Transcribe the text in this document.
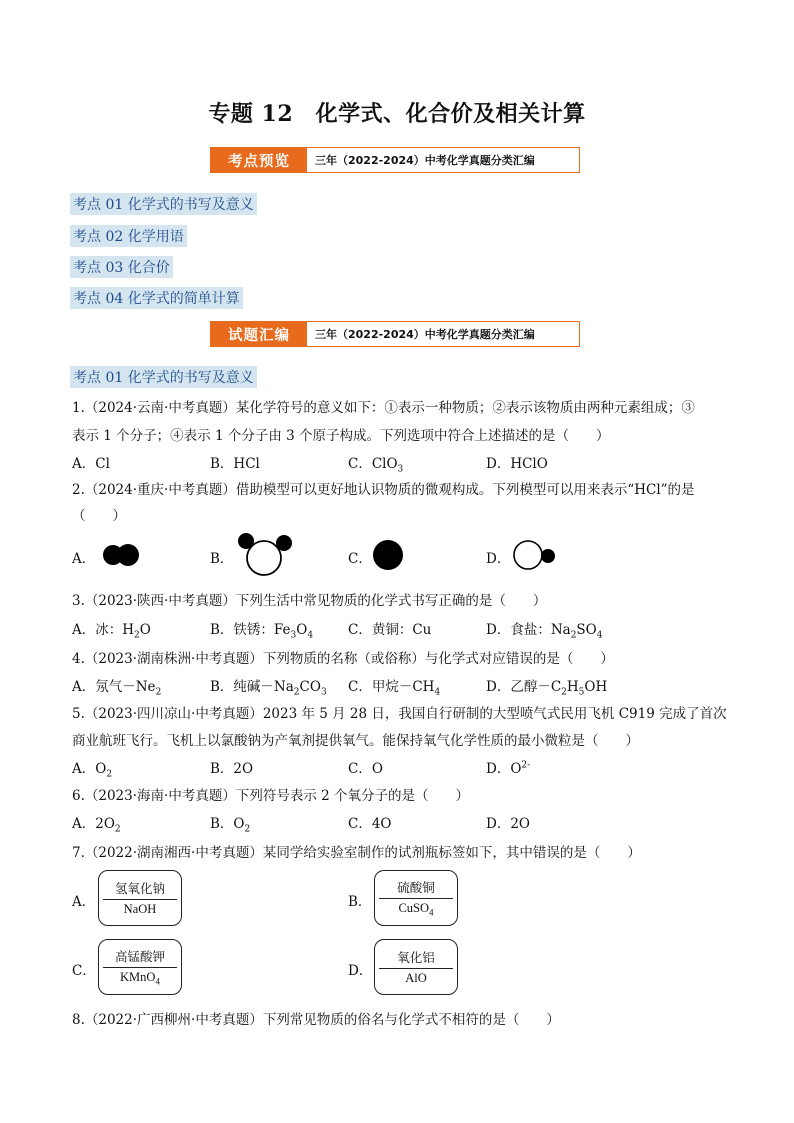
专题 12　化学式、化合价及相关计算
考点预览	三年（2022-2024）中考化学真题分类汇编
考点 01 化学式的书写及意义
考点 02 化学用语
考点 03 化合价
考点 04 化学式的简单计算
试题汇编	三年（2022-2024）中考化学真题分类汇编
考点 01 化学式的书写及意义
1.（2024·云南·中考真题）某化学符号的意义如下：①表示一种物质；②表示该物质由两种元素组成；③
表示 1 个分子；④表示 1 个分子由 3 个原子构成。下列选项中符合上述描述的是（　　）
A．Cl	B．HCl	C．ClO$_3$	D．HClO
2.（2024·重庆·中考真题）借助模型可以更好地认识物质的微观构成。下列模型可以用来表示“HCl”的是
（　　）
A．	B．	C．	D．
3.（2023·陕西·中考真题）下列生活中常见物质的化学式书写正确的是（　　）
A．冰：$H_2O$	B．铁锈：$Fe_3O_4$	C．黄铜：Cu	D．食盐：$Na_2SO_4$
4.（2023·湖南株洲·中考真题）下列物质的名称（或俗称）与化学式对应错误的是（　　）
A．氖气$-Ne_2$	B．纯碱$-Na_2CO_3$ C．甲烷$-CH_4$	D．乙醇$-C_2H_5OH$
5.（2023·四川凉山·中考真题）2023 年 5 月 28 日，我国自行研制的大型喷气式民用飞机 C919 完成了首次
商业航班飞行。飞机上以氯酸钠为产氧剂提供氧气。能保持氧气化学性质的最小微粒是（　　）
A．$O_2$	B．2O	C．O	D．$O^{2-}$
6.（2023·海南·中考真题）下列符号表示 2 个氧分子的是（　　）
A．$2O_2$	B．$O_2$	C．4O	D．2O
7.（2022·湖南湘西·中考真题）某同学给实验室制作的试剂瓶标签如下，其中错误的是（　　）
A．
氢氧化钠
NaOH	B．
硫酸铜
CuSO$_4$
C．
高锰酸钾
KMnO$_4$
D．
氧化铝
AlO
8.（2022·广西柳州·中考真题）下列常见物质的俗名与化学式不相符的是（　　）
